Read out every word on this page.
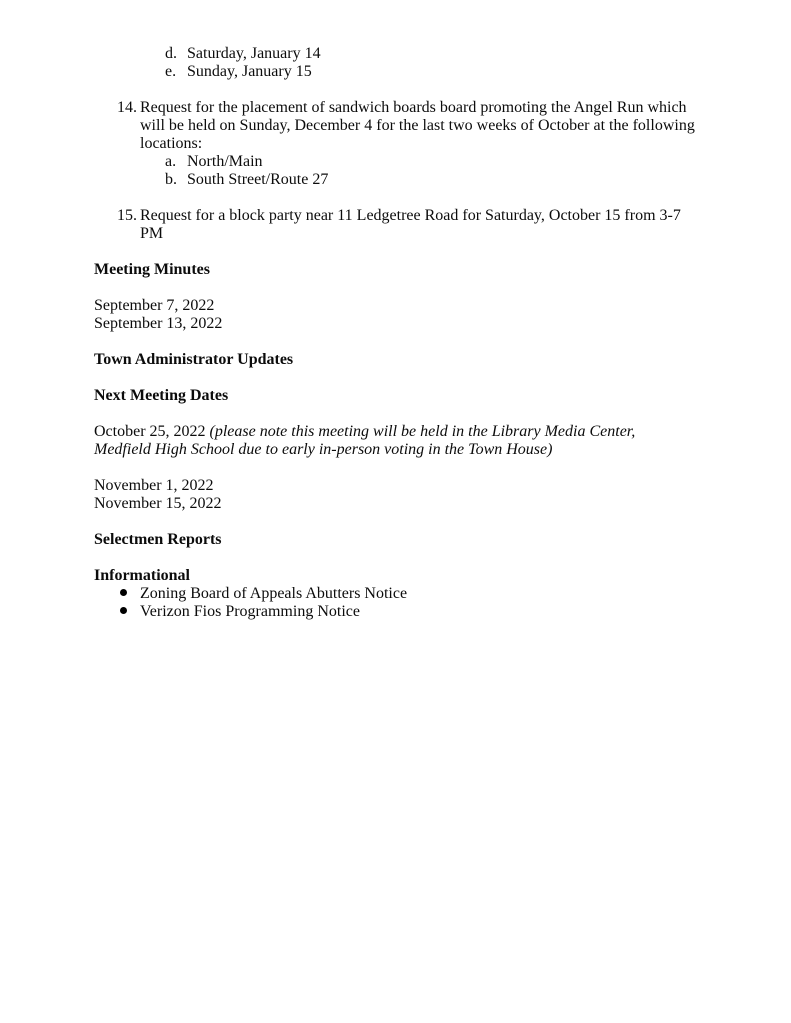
d. Saturday, January 14
e. Sunday, January 15
14. Request for the placement of sandwich boards board promoting the Angel Run which will be held on Sunday, December 4 for the last two weeks of October at the following locations:
a. North/Main
b. South Street/Route 27
15. Request for a block party near 11 Ledgetree Road for Saturday, October 15 from 3-7 PM
Meeting Minutes
September 7, 2022
September 13, 2022
Town Administrator Updates
Next Meeting Dates
October 25, 2022 (please note this meeting will be held in the Library Media Center, Medfield High School due to early in-person voting in the Town House)
November 1, 2022
November 15, 2022
Selectmen Reports
Informational
Zoning Board of Appeals Abutters Notice
Verizon Fios Programming Notice
